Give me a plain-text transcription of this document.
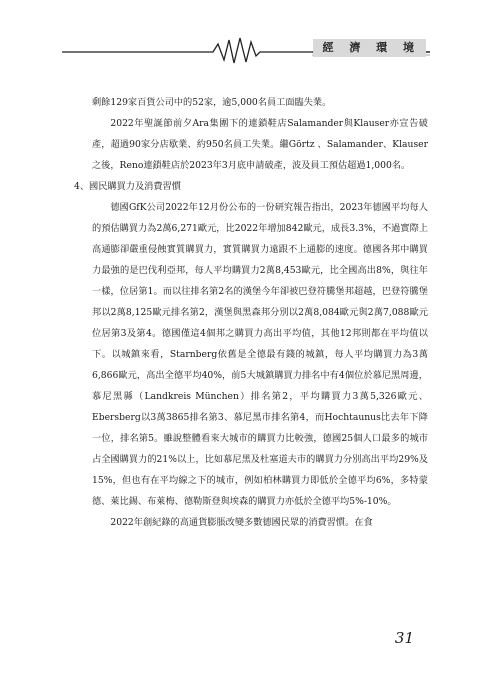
經 濟 環 境

剩餘129家百貨公司中的52家，逾5,000名員工面臨失業。

2022年聖誕節前夕Ara集團下的連鎖鞋店Salamander與Klauser亦宣告破產，超過90家分店歇業、約950名員工失業。繼Görtz 、Salamander、Klauser之後，Reno連鎖鞋店於2023年3月底申請破產，波及員工預估超過1,000名。

4、國民購買力及消費習慣

德國GfK公司2022年12月份公布的一份研究報告指出，2023年德國平均每人的預估購買力為2萬6,271歐元，比2022年增加842歐元，成長3.3%，不過實際上高通膨卻嚴重侵蝕實質購買力，實質購買力遠跟不上通膨的速度。德國各邦中購買力最強的是巴伐利亞邦，每人平均購買力2萬8,453歐元，比全國高出8%，與往年一樣，位居第1。而以往排名第2名的漢堡今年卻被巴登符騰堡邦超越，巴登符騰堡邦以2萬8,125歐元排名第2，漢堡與黑森邦分別以2萬8,084歐元與2萬7,088歐元位居第3及第4。德國僅這4個邦之購買力高出平均值，其他12邦則都在平均值以下。以城鎮來看，Starnberg依舊是全德最有錢的城鎮，每人平均購買力為3萬6,866歐元，高出全德平均40%，前5大城鎮購買力排名中有4個位於慕尼黑周邊，慕尼黑縣（Landkreis München）排名第2，平均購買力3萬5,326歐元、Ebersberg以3萬3865排名第3、慕尼黑市排名第4，而Hochtaunus比去年下降一位，排名第5。雖說整體看來大城市的購買力比較強，德國25個人口最多的城市占全國購買力的21%以上，比如慕尼黑及杜塞道夫市的購買力分別高出平均29%及15%，但也有在平均線之下的城市，例如柏林購買力即低於全德平均6%，多特蒙德、萊比錫、布萊梅、德勒斯登與埃森的購買力亦低於全德平均5%-10%。

2022年創紀錄的高通貨膨脹改變多數德國民眾的消費習慣。在食

31
